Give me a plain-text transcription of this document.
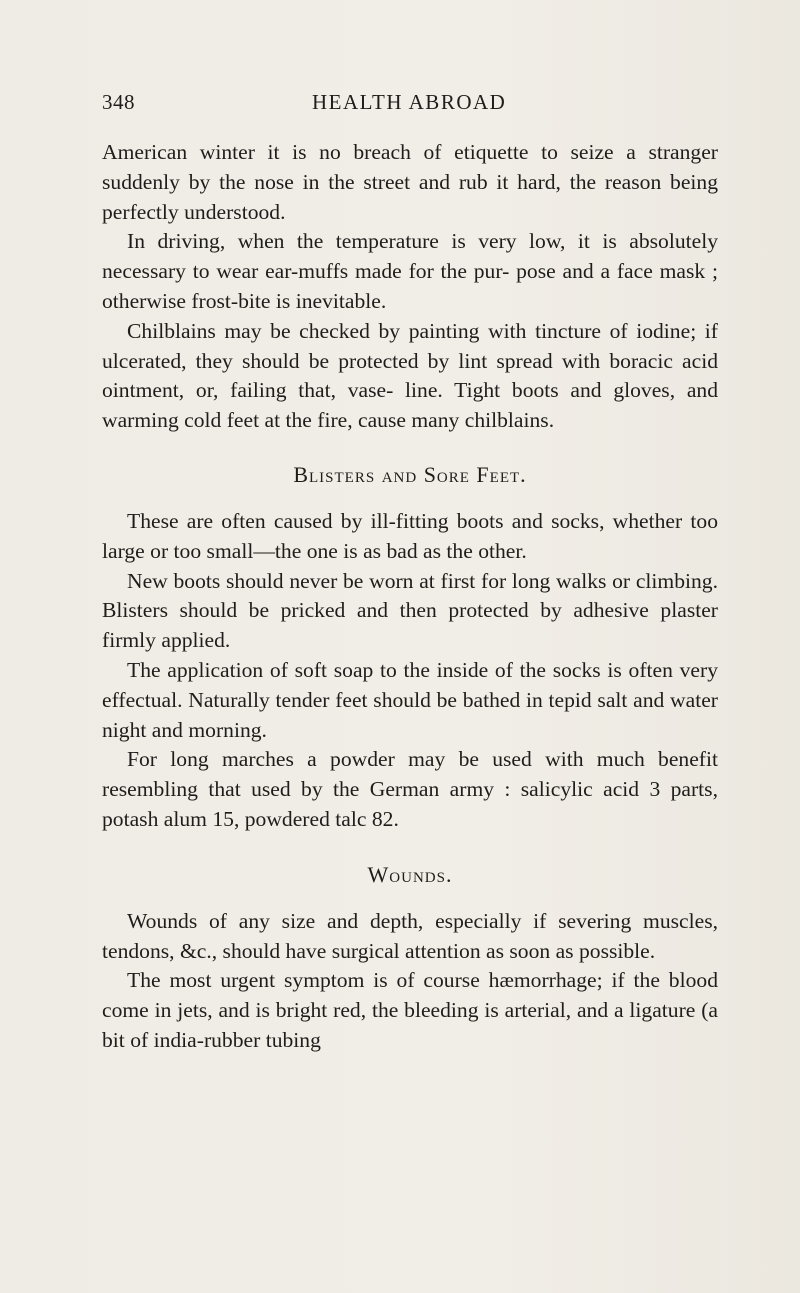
348	HEALTH ABROAD

American winter it is no breach of etiquette to seize a stranger suddenly by the nose in the street and rub it hard, the reason being perfectly understood.

In driving, when the temperature is very low, it is absolutely necessary to wear ear-muffs made for the pur- pose and a face mask ; otherwise frost-bite is inevitable.

Chilblains may be checked by painting with tincture of iodine; if ulcerated, they should be protected by lint spread with boracic acid ointment, or, failing that, vase- line. Tight boots and gloves, and warming cold feet at the fire, cause many chilblains.

Blisters and Sore Feet.

These are often caused by ill-fitting boots and socks, whether too large or too small—the one is as bad as the other.

New boots should never be worn at first for long walks or climbing. Blisters should be pricked and then protected by adhesive plaster firmly applied.

The application of soft soap to the inside of the socks is often very effectual. Naturally tender feet should be bathed in tepid salt and water night and morning.

For long marches a powder may be used with much benefit resembling that used by the German army : salicylic acid 3 parts, potash alum 15, powdered talc 82.

Wounds.

Wounds of any size and depth, especially if severing muscles, tendons, &c., should have surgical attention as soon as possible.

The most urgent symptom is of course hæmorrhage; if the blood come in jets, and is bright red, the bleeding is arterial, and a ligature (a bit of india-rubber tubing
